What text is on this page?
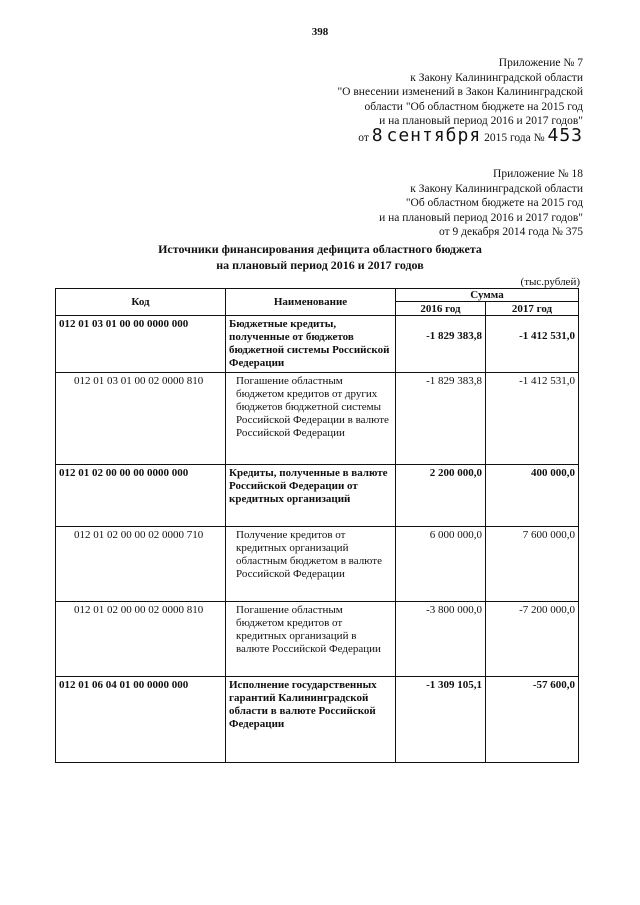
398
Приложение № 7
к Закону Калининградской области
"О внесении изменений в Закон Калининградской
области "Об областном бюджете на 2015 год
и на плановый период 2016 и 2017 годов"
от 8 сентября 2015 года № 453
Приложение № 18
к Закону Калининградской области
"Об областном бюджете на 2015 год
и на плановый период 2016 и 2017 годов"
от 9 декабря 2014 года № 375
Источники финансирования дефицита областного бюджета
на плановый период 2016 и 2017 годов
(тыс.рублей)
Код	Наименование	Сумма	
		2016 год	2017 год
012 01 03 01 00 00 0000 000	Бюджетные кредиты, полученные от бюджетов бюджетной системы Российской Федерации	-1 829 383,8	-1 412 531,0
012 01 03 01 00 02 0000 810	Погашение областным бюджетом кредитов от других бюджетов бюджетной системы Российской Федерации в валюте Российской Федерации	-1 829 383,8	-1 412 531,0
012 01 02 00 00 00 0000 000	Кредиты, полученные в валюте Российской Федерации от кредитных организаций	2 200 000,0	400 000,0
012 01 02 00 00 02 0000 710	Получение кредитов от кредитных организаций областным бюджетом в валюте Российской Федерации	6 000 000,0	7 600 000,0
012 01 02 00 00 02 0000 810	Погашение областным бюджетом кредитов от кредитных организаций в валюте Российской Федерации	-3 800 000,0	-7 200 000,0
012 01 06 04 01 00 0000 000	Исполнение государственных гарантий Калининградской области в валюте Российской Федерации	-1 309 105,1	-57 600,0
